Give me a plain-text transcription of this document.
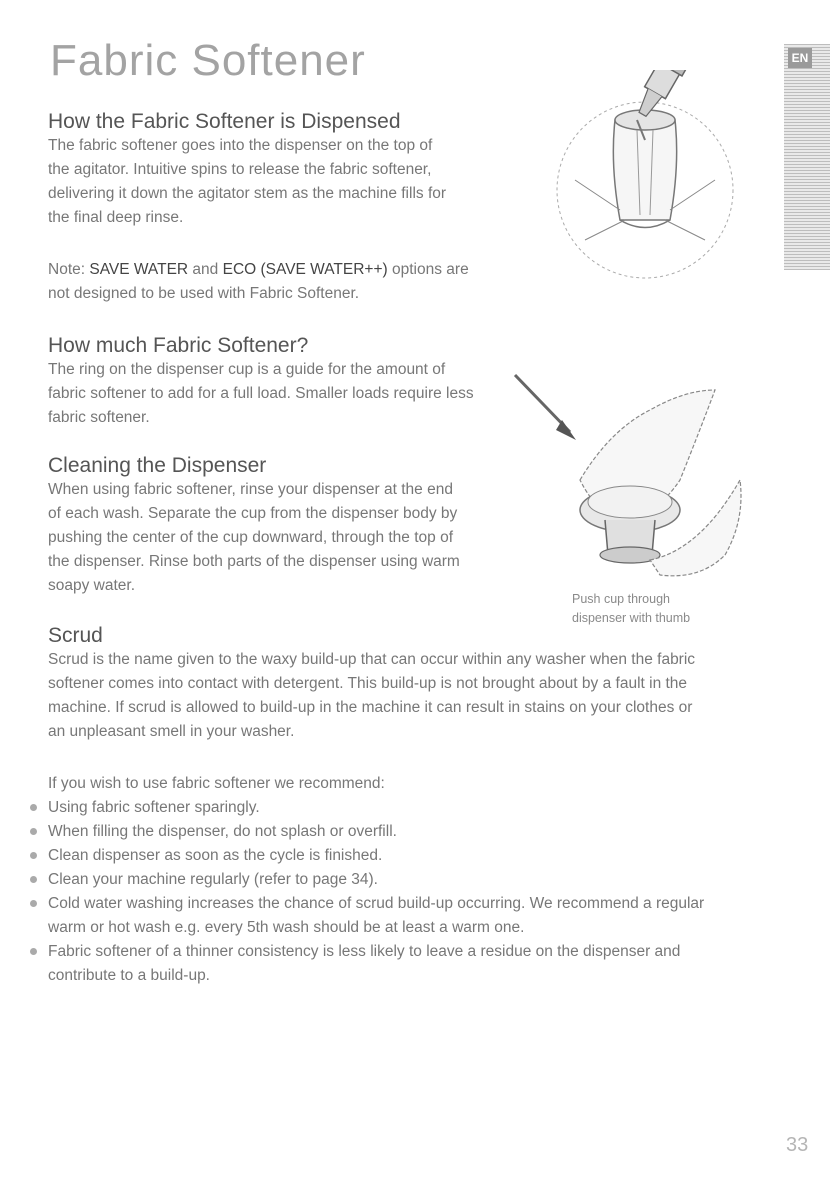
Fabric Softener	EN
How the Fabric Softener is Dispensed

The fabric softener goes into the dispenser on the top of

the agitator. Intuitive spins to release the fabric softener,

delivering it down the agitator stem as the machine fills for

the final deep rinse.

Note: SAVE WATER and ECO (SAVE WATER++) options are
not designed to be used with Fabric Softener.
How much Fabric Softener?

The ring on the dispenser cup is a guide for the amount of

fabric softener to add for a full load. Smaller loads require less

fabric softener.

Cleaning the Dispenser

When using fabric softener, rinse your dispenser at the end

of each wash. Separate the cup from the dispenser body by

pushing the center of the cup downward, through the top of

the dispenser. Rinse both parts of the dispenser using warm

soapy water.

Scrud

Scrud is the name given to the waxy build-up that can occur within any washer when the fabric

softener comes into contact with detergent. This build-up is not brought about by a fault in the

machine. If scrud is allowed to build-up in the machine it can result in stains on your clothes or

an unpleasant smell in your washer.

If you wish to use fabric softener we recommend:

Using fabric softener sparingly.
When filling the dispenser, do not splash or overfill.
Clean dispenser as soon as the cycle is finished.
Clean your machine regularly (refer to page 34).
Cold water washing increases the chance of scrud build-up occurring. We recommend a regular
warm or hot wash e.g. every 5th wash should be at least a warm one.
Fabric softener of a thinner consistency is less likely to leave a residue on the dispenser and
contribute to a build-up.
Push cup through
dispenser with thumb
33
